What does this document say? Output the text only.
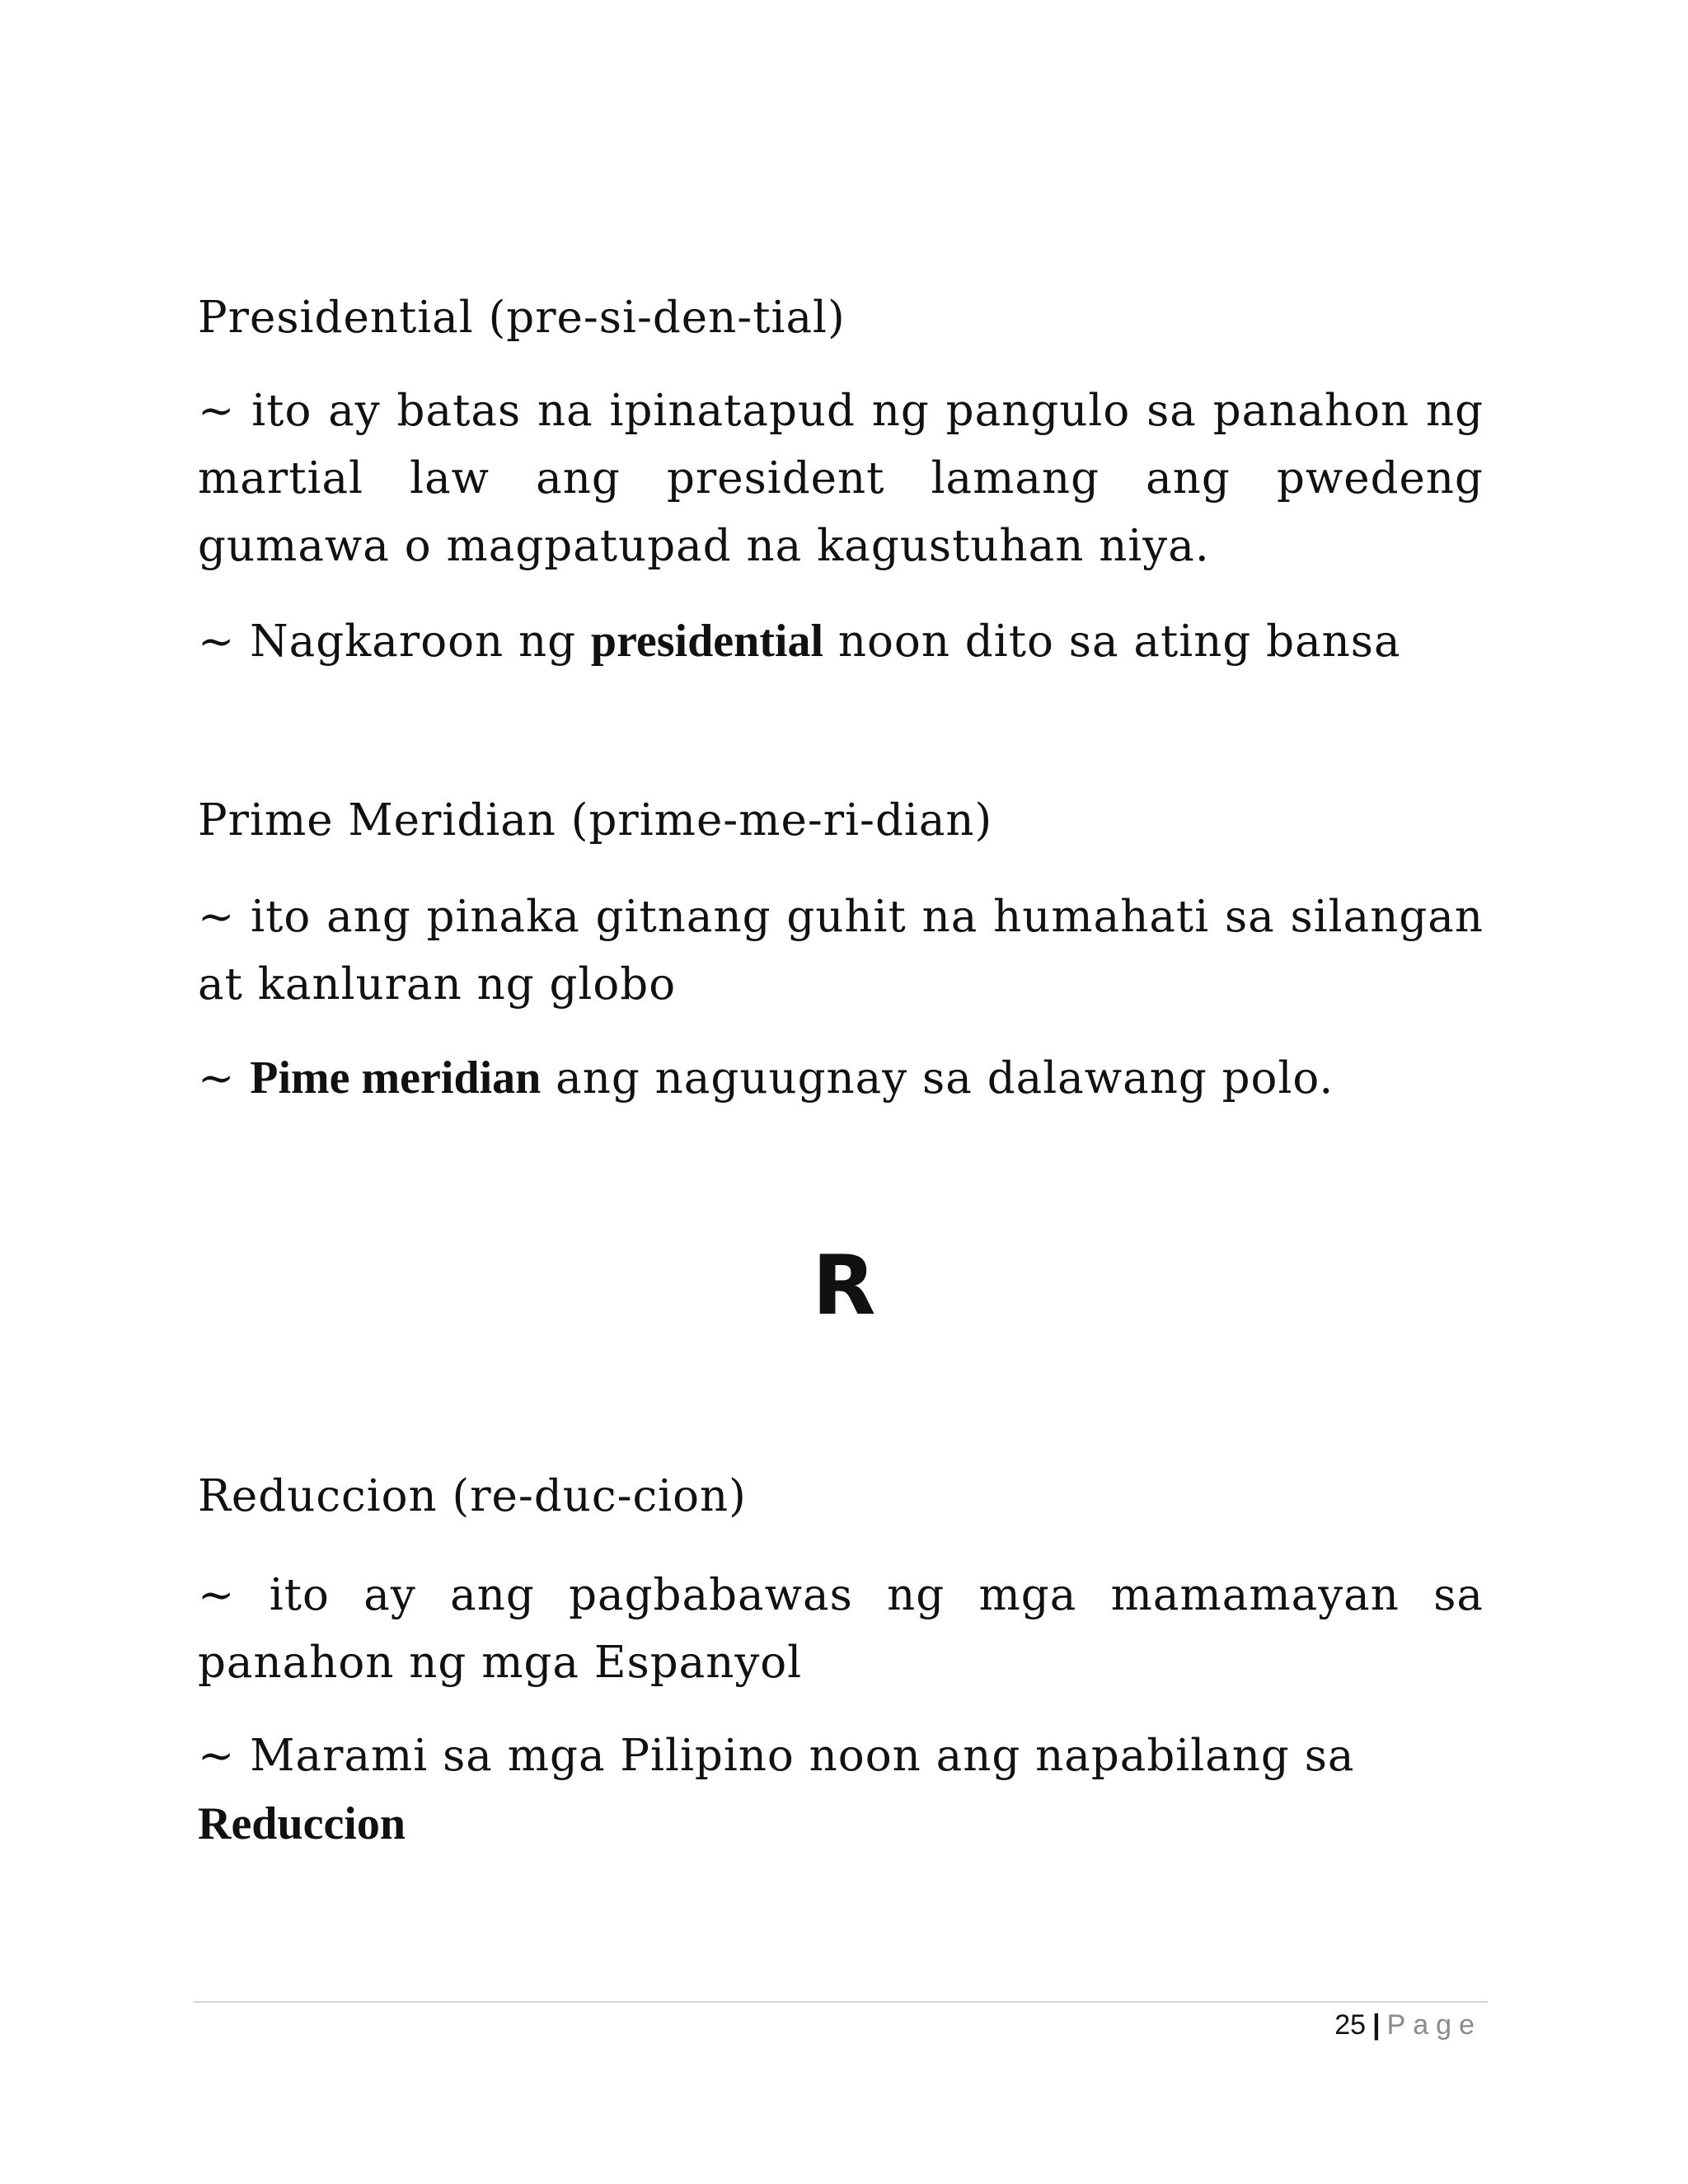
Presidential (pre-si-den-tial)

~ ito ay batas na ipinatapud ng pangulo sa panahon ng martial law ang president lamang ang pwedeng gumawa o magpatupad na kagustuhan niya.

~ Nagkaroon ng presidential noon dito sa ating bansa

Prime Meridian (prime-me-ri-dian)

~ ito ang pinaka gitnang guhit na humahati sa silangan at kanluran ng globo

~ Pime meridian ang naguugnay sa dalawang polo.

R

Reduccion (re-duc-cion)

~ ito ay ang pagbabawas ng mga mamamayan sa panahon ng mga Espanyol

~ Marami sa mga Pilipino noon ang napabilang sa Reduccion

25 | Page
